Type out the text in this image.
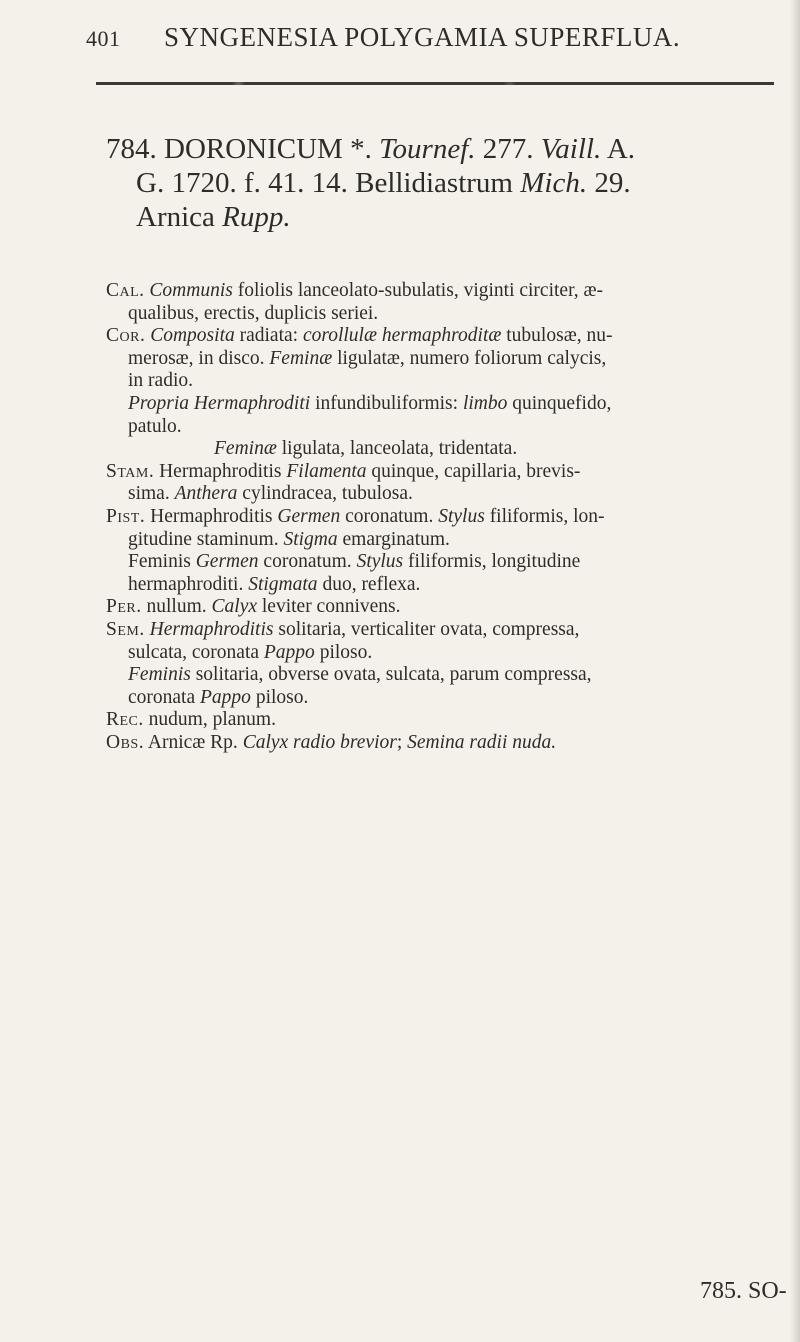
401 SYNGENESIA POLYGAMIA SUPERFLUA.
784. DORONICUM *. Tournef. 277. Vaill. A.

G. 1720. f. 41. 14. Bellidiastrum Mich. 29.

Arnica Rupp.

Cal. Communis foliolis lanceolato-subulatis, viginti circiter, æ-
qualibus, erectis, duplicis seriei.

Cor. Composita radiata: corollulæ hermaphroditæ tubulosæ, nu-
merosæ, in disco. Feminæ ligulatæ, numero foliorum calycis,
in radio.

Propria Hermaphroditi infundibuliformis: limbo quinquefido,
patulo.

Feminæ ligulata, lanceolata, tridentata.

Stam. Hermaphroditis Filamenta quinque, capillaria, brevis-
sima. Anthera cylindracea, tubulosa.

Pist. Hermaphroditis Germen coronatum. Stylus filiformis, lon-
gitudine staminum. Stigma emarginatum.

Feminis Germen coronatum. Stylus filiformis, longitudine
hermaphroditi. Stigmata duo, reflexa.

Per. nullum. Calyx leviter connivens.

Sem. Hermaphroditis solitaria, verticaliter ovata, compressa,
sulcata, coronata Pappo piloso.

Feminis solitaria, obverse ovata, sulcata, parum compressa,
coronata Pappo piloso.

Rec. nudum, planum.

Obs. Arnicæ Rp. Calyx radio brevior; Semina radii nuda.

785. SO-
